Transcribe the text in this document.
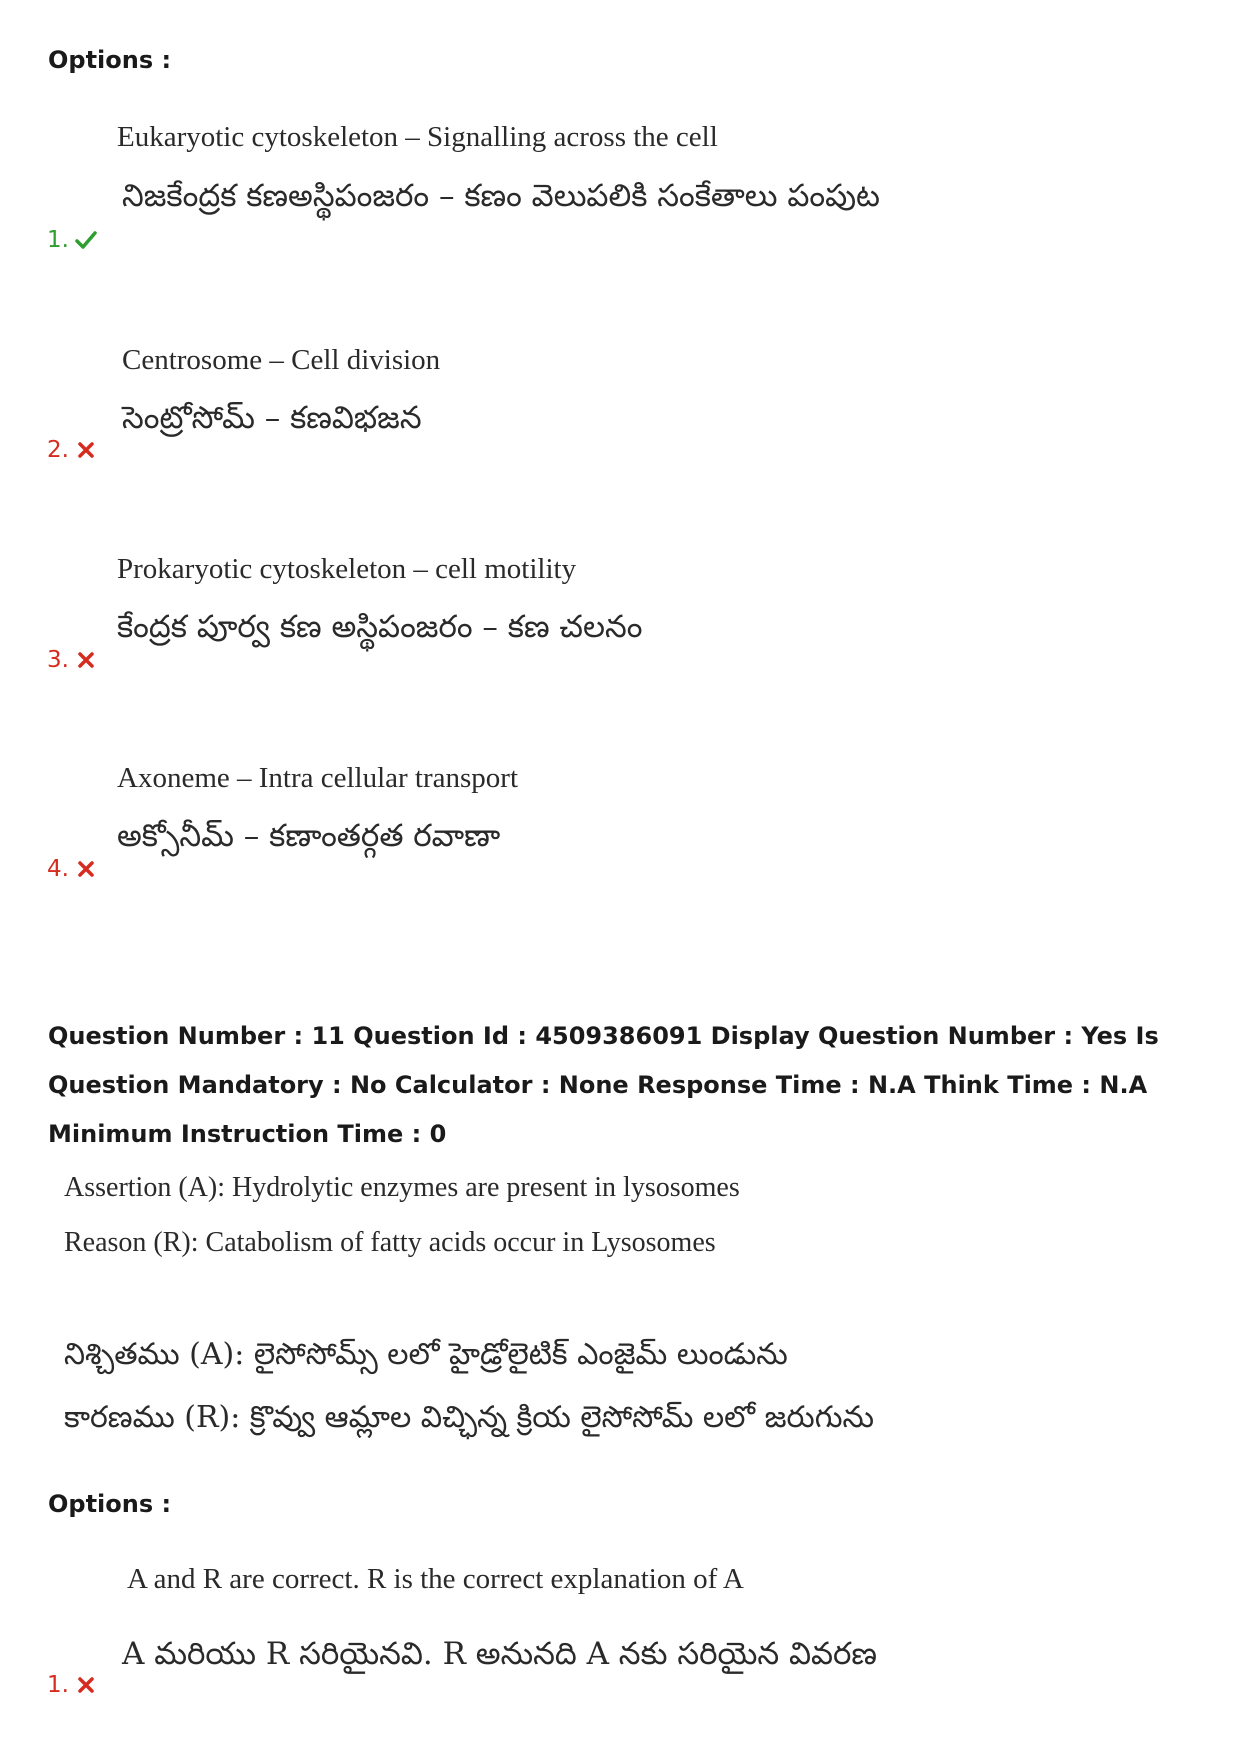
Options :
Eukaryotic cytoskeleton – Signalling across the cell
నిజకేంద్రక కణఅస్థిపంజరం – కణం వెలుపలికి సంకేతాలు పంపుట
1.
Centrosome – Cell division
సెంట్రోసోమ్ – కణవిభజన
2.
Prokaryotic cytoskeleton – cell motility
కేంద్రక పూర్వ కణ అస్థిపంజరం – కణ చలనం
3.
Axoneme – Intra cellular transport
అక్సోనీమ్ – కణాంతర్గత రవాణా
4.
Question Number : 11 Question Id : 4509386091 Display Question Number : Yes Is Question Mandatory : No Calculator : None Response Time : N.A Think Time : N.A Minimum Instruction Time : 0
Assertion (A): Hydrolytic enzymes are present in lysosomes
Reason (R): Catabolism of fatty acids occur in Lysosomes
నిశ్చితము (A): లైసోసోమ్స్ లలో హైడ్రోలైటిక్ ఎంజైమ్ లుండును
కారణము (R): క్రొవ్వు ఆమ్లాల విచ్ఛిన్న క్రియ లైసోసోమ్ లలో జరుగును
Options :
A and R are correct. R is the correct explanation of A
A మరియు R సరియైనవి. R అనునది A నకు సరియైన వివరణ
1.
